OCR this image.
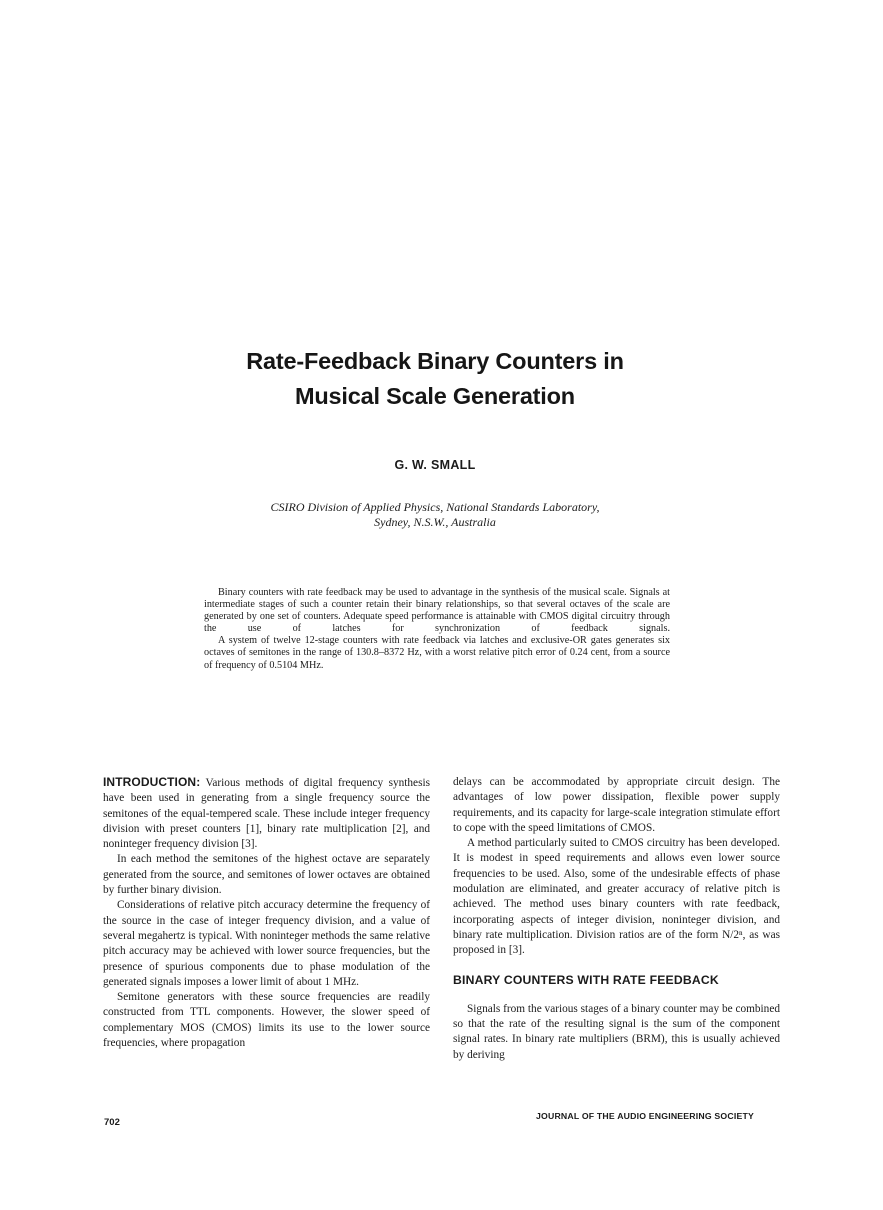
Rate-Feedback Binary Counters in
Musical Scale Generation
G. W. SMALL
CSIRO Division of Applied Physics, National Standards Laboratory,
Sydney, N.S.W., Australia

Binary counters with rate feedback may be used to advantage in the synthesis of the musical scale. Signals at intermediate stages of such a counter retain their binary relationships, so that several octaves of the scale are generated by one set of counters. Adequate speed performance is attainable with CMOS digital circuitry through the use of latches for synchronization of feedback signals.

A system of twelve 12-stage counters with rate feedback via latches and exclusive-OR gates generates six octaves of semitones in the range of 130.8–8372 Hz, with a worst relative pitch error of 0.24 cent, from a source of frequency of 0.5104 MHz.

INTRODUCTION: Various methods of digital frequency synthesis have been used in generating from a single frequency source the semitones of the equal-tempered scale. These include integer frequency division with preset counters [1], binary rate multiplication [2], and noninteger frequency division [3].

In each method the semitones of the highest octave are separately generated from the source, and semitones of lower octaves are obtained by further binary division.

Considerations of relative pitch accuracy determine the frequency of the source in the case of integer frequency division, and a value of several megahertz is typical. With noninteger methods the same relative pitch accuracy may be achieved with lower source frequencies, but the presence of spurious components due to phase modulation of the generated signals imposes a lower limit of about 1 MHz.

Semitone generators with these source frequencies are readily constructed from TTL components. However, the slower speed of complementary MOS (CMOS) limits its use to the lower source frequencies, where propagation

delays can be accommodated by appropriate circuit design. The advantages of low power dissipation, flexible power supply requirements, and its capacity for large-scale integration stimulate effort to cope with the speed limitations of CMOS.

A method particularly suited to CMOS circuitry has been developed. It is modest in speed requirements and allows even lower source frequencies to be used. Also, some of the undesirable effects of phase modulation are eliminated, and greater accuracy of relative pitch is achieved. The method uses binary counters with rate feedback, incorporating aspects of integer division, noninteger division, and binary rate multiplication. Division ratios are of the form N/2ⁿ, as was proposed in [3].

BINARY COUNTERS WITH RATE FEEDBACK

Signals from the various stages of a binary counter may be combined so that the rate of the resulting signal is the sum of the component signal rates. In binary rate multipliers (BRM), this is usually achieved by deriving

702
JOURNAL OF THE AUDIO ENGINEERING SOCIETY
